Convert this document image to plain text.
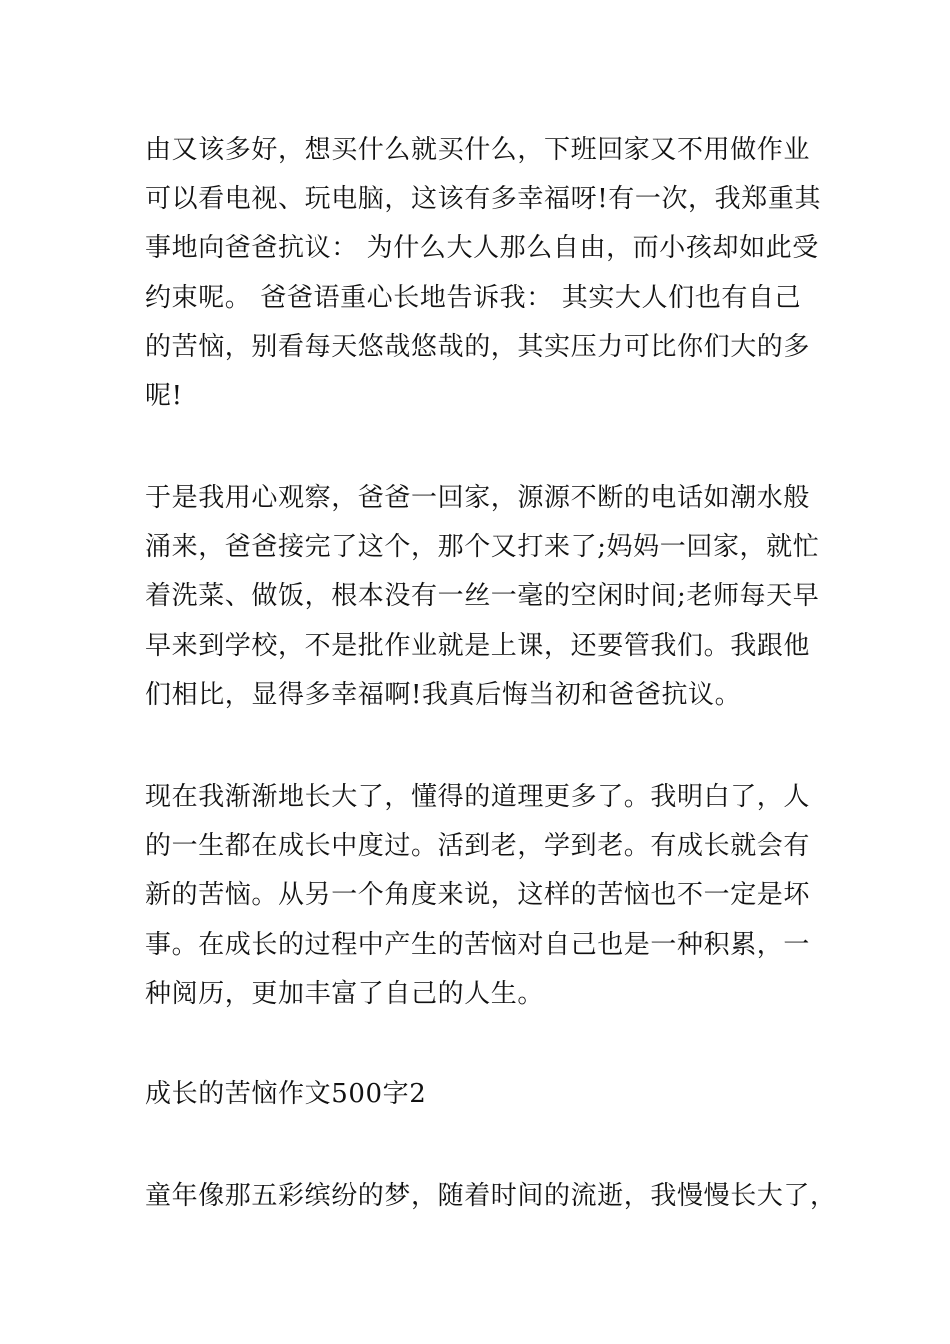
由又该多好，想买什么就买什么，下班回家又不用做作业
可以看电视、玩电脑，这该有多幸福呀!有一次，我郑重其
事地向爸爸抗议： 为什么大人那么自由，而小孩却如此受
约束呢。 爸爸语重心长地告诉我： 其实大人们也有自己
的苦恼，别看每天悠哉悠哉的，其实压力可比你们大的多
呢!
于是我用心观察，爸爸一回家，源源不断的电话如潮水般
涌来，爸爸接完了这个，那个又打来了;妈妈一回家，就忙
着洗菜、做饭，根本没有一丝一毫的空闲时间;老师每天早
早来到学校，不是批作业就是上课，还要管我们。我跟他
们相比，显得多幸福啊!我真后悔当初和爸爸抗议。
现在我渐渐地长大了，懂得的道理更多了。我明白了，人
的一生都在成长中度过。活到老，学到老。有成长就会有
新的苦恼。从另一个角度来说，这样的苦恼也不一定是坏
事。在成长的过程中产生的苦恼对自己也是一种积累，一
种阅历，更加丰富了自己的人生。
成长的苦恼作文500字2
童年像那五彩缤纷的梦，随着时间的流逝，我慢慢长大了，
